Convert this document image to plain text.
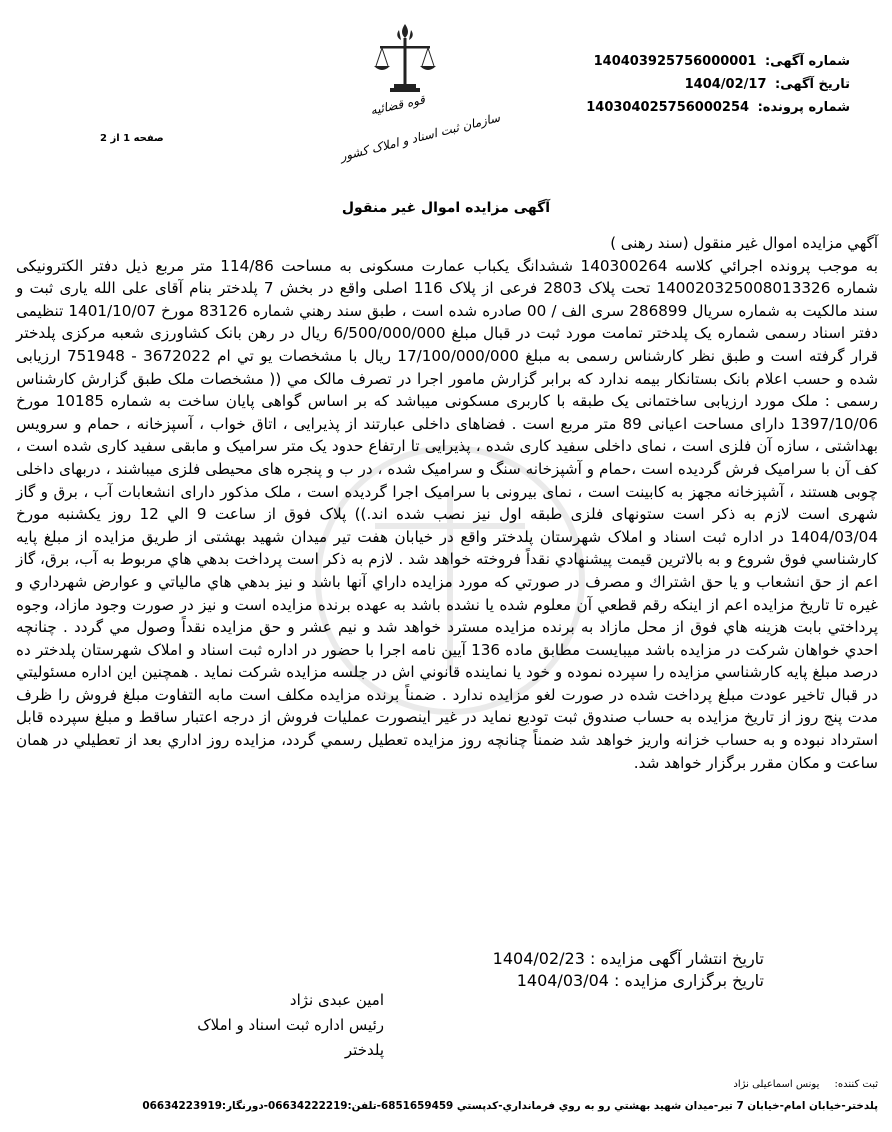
شماره آگهی: 140403925756000001
تاریخ آگهی: 1404/02/17
شماره پرونده: 140304025756000254
قوه قضائیه
سازمان ثبت اسناد و املاک کشور
صفحه 1 از 2
آگهی مزایده اموال غیر منقول

آگهي مزايده اموال غير منقول (سند رهنی )

به موجب پرونده اجرائي كلاسه 140300264 ششدانگ یکباب عمارت مسکونی به مساحت 114/86 متر مربع ذیل دفتر الکترونیکی شماره 140020325008013326 تحت پلاک 2803 فرعی از پلاک 116 اصلی واقع در بخش 7 پلدختر بنام آقای علی الله یاری ثبت و سند مالکیت به شماره سریال 286899 سری الف / 00 صادره شده است ، طبق سند رهني شماره 83126 مورخ 1401/10/07 تنظیمی دفتر اسناد رسمی شماره یک پلدختر تمامت مورد ثبت در قبال مبلغ 6/500/000/000 ریال در رهن بانک کشاورزی شعبه مرکزی پلدختر قرار گرفته است و طبق نظر کارشناس رسمی به مبلغ 17/100/000/000 ریال با مشخصات يو تي ام 3672022 - 751948 ارزیابی شده و حسب اعلام بانک بستانکار بیمه ندارد که برابر گزارش مامور اجرا در تصرف مالک مي (( مشخصات ملک طبق گزارش کارشناس رسمی : ملک مورد ارزیابی ساختمانی یک طبقه با کاربری مسکونی میباشد که بر اساس گواهی پایان ساخت به شماره 10185 مورخ 1397/10/06 دارای مساحت اعیانی 89 متر مربع است . فضاهای داخلی عبارتند از پذیرایی ، اتاق خواب ، آسپزخانه ، حمام و سرویس بهداشتی ، سازه آن فلزی است ، نمای داخلی سفید کاری شده ، پذیرایی تا ارتفاع حدود یک متر سرامیک و مابقی سفید کاری شده است ، کف آن با سرامیک فرش گردیده است ،حمام و آشپزخانه سنگ و سرامیک شده ، در ب و پنجره های محیطی فلزی میباشند ، دربهای داخلی چوبی هستند ، آشپزخانه مجهز به کابینت است ، نمای بیرونی با سرامیک اجرا گردیده است ، ملک مذکور دارای انشعابات آب ، برق و گاز شهری است لازم به ذکر است ستونهای فلزی طبقه اول نیز نصب شده اند.)) پلاک فوق از ساعت 9 الي 12 روز يكشنبه مورخ 1404/03/04 در اداره ثبت اسناد و املاک شهرستان پلدختر واقع در خیابان هفت تیر میدان شهید بهشتی از طريق مزايده از مبلغ پايه كارشناسي فوق شروع و به بالاترين قيمت پيشنهادي نقداً فروخته خواهد شد . لازم به ذكر است پرداخت بدهي هاي مربوط به آب، برق، گاز اعم از حق انشعاب و يا حق اشتراك و مصرف در صورتي كه مورد مزايده داراي آنها باشد و نيز بدهي هاي مالياتي و عوارض شهرداري و غيره تا تاريخ مزايده اعم از اينكه رقم قطعي آن معلوم شده يا نشده باشد به عهده برنده مزايده است و نيز در صورت وجود مازاد، وجوه پرداختي بابت هزينه هاي فوق از محل مازاد به برنده مزايده مسترد خواهد شد و نيم عشر و حق مزايده نقداً وصول مي گردد . چنانچه احدي خواهان شركت در مزايده باشد میبایست مطابق ماده 136 آيين نامه اجرا با حضور در اداره ثبت اسناد و املاک شهرستان پلدختر ده درصد مبلغ پايه كارشناسي مزايده را سپرده نموده و خود يا نماينده قانوني اش در جلسه مزايده شركت نمايد . همچنين اين اداره مسئوليتي در قبال تاخير عودت مبلغ پرداخت شده در صورت لغو مزايده ندارد . ضمناً برنده مزايده مكلف است مابه التفاوت مبلغ فروش را ظرف مدت پنج روز از تاريخ مزايده به حساب صندوق ثبت توديع نمايد در غير اينصورت عمليات فروش از درجه اعتبار ساقط و مبلغ سپرده قابل استرداد نبوده و به حساب خزانه واريز خواهد شد ضمناً چنانچه روز مزايده تعطيل رسمي گردد، مزايده روز اداري بعد از تعطيلي در همان ساعت و مكان مقرر برگزار خواهد شد.

تاریخ انتشار آگهی مزایده : 1404/02/23
تاریخ برگزاری مزایده : 1404/03/04
امین عبدی نژاد
رئیس اداره ثبت اسناد و املاک
پلدختر
ثبت کننده: یونس اسماعیلی نژاد
پلدختر-خيابان امام-خيابان 7 تير-ميدان شهيد بهشتي رو به روي فرمانداري-كدپستي 6851659459-تلفن:06634222219-دورنگار:06634223919
